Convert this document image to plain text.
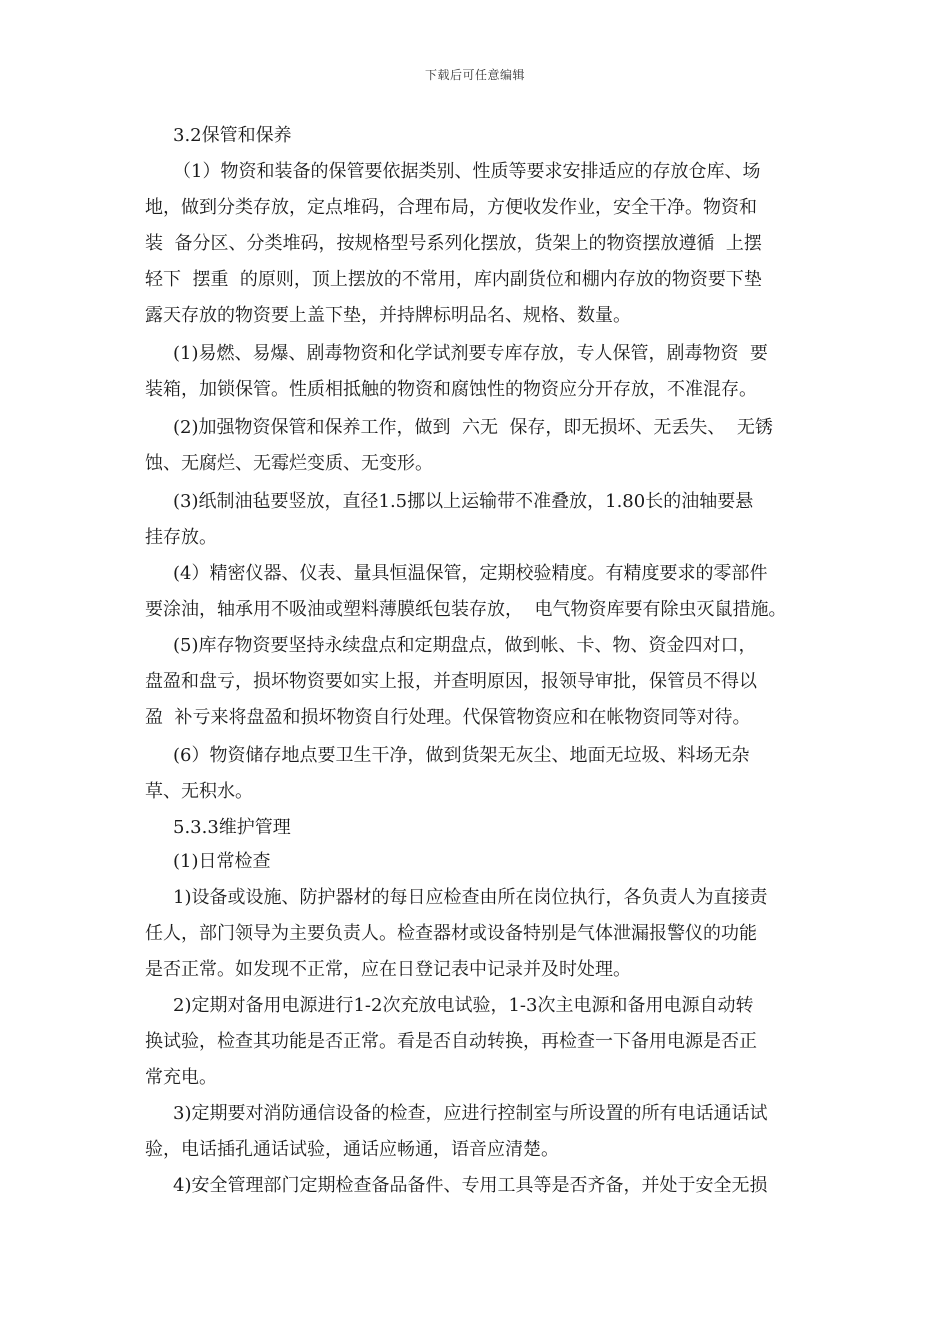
下载后可任意编辑
3.2保管和保养
（1）物资和装备的保管要依据类别、性质等要求安排适应的存放仓库、场
地，做到分类存放，定点堆码，合理布局，方便收发作业，安全干净。物资和
装  备分区、分类堆码，按规格型号系列化摆放，货架上的物资摆放遵循  上摆
轻下  摆重  的原则，顶上摆放的不常用，库内副货位和棚内存放的物资要下垫
露天存放的物资要上盖下垫，并持牌标明品名、规格、数量。
(1)易燃、易爆、剧毒物资和化学试剂要专库存放，专人保管，剧毒物资  要
装箱，加锁保管。性质相抵触的物资和腐蚀性的物资应分开存放，不准混存。
(2)加强物资保管和保养工作，做到  六无  保存，即无损坏、无丢失、  无锈
蚀、无腐烂、无霉烂变质、无变形。
(3)纸制油毡要竖放，直径1.5挪以上运输带不准叠放，1.80长的油轴要悬
挂存放。
(4）精密仪器、仪表、量具恒温保管，定期校验精度。有精度要求的零部件
要涂油，轴承用不吸油或塑料薄膜纸包装存放，  电气物资库要有除虫灭鼠措施。
(5)库存物资要坚持永续盘点和定期盘点，做到帐、卡、物、资金四对口，
盘盈和盘亏，损坏物资要如实上报，并查明原因，报领导审批，保管员不得以
盈  补亏来将盘盈和损坏物资自行处理。代保管物资应和在帐物资同等对待。
(6）物资储存地点要卫生干净，做到货架无灰尘、地面无垃圾、料场无杂
草、无积水。
5.3.3维护管理
(1)日常检查
1)设备或设施、防护器材的每日应检查由所在岗位执行，各负责人为直接责
任人，部门领导为主要负责人。检查器材或设备特别是气体泄漏报警仪的功能
是否正常。如发现不正常，应在日登记表中记录并及时处理。
2)定期对备用电源进行1-2次充放电试验，1-3次主电源和备用电源自动转
换试验，检查其功能是否正常。看是否自动转换，再检查一下备用电源是否正
常充电。
3)定期要对消防通信设备的检查，应进行控制室与所设置的所有电话通话试
验，电话插孔通话试验，通话应畅通，语音应清楚。
4)安全管理部门定期检查备品备件、专用工具等是否齐备，并处于安全无损
